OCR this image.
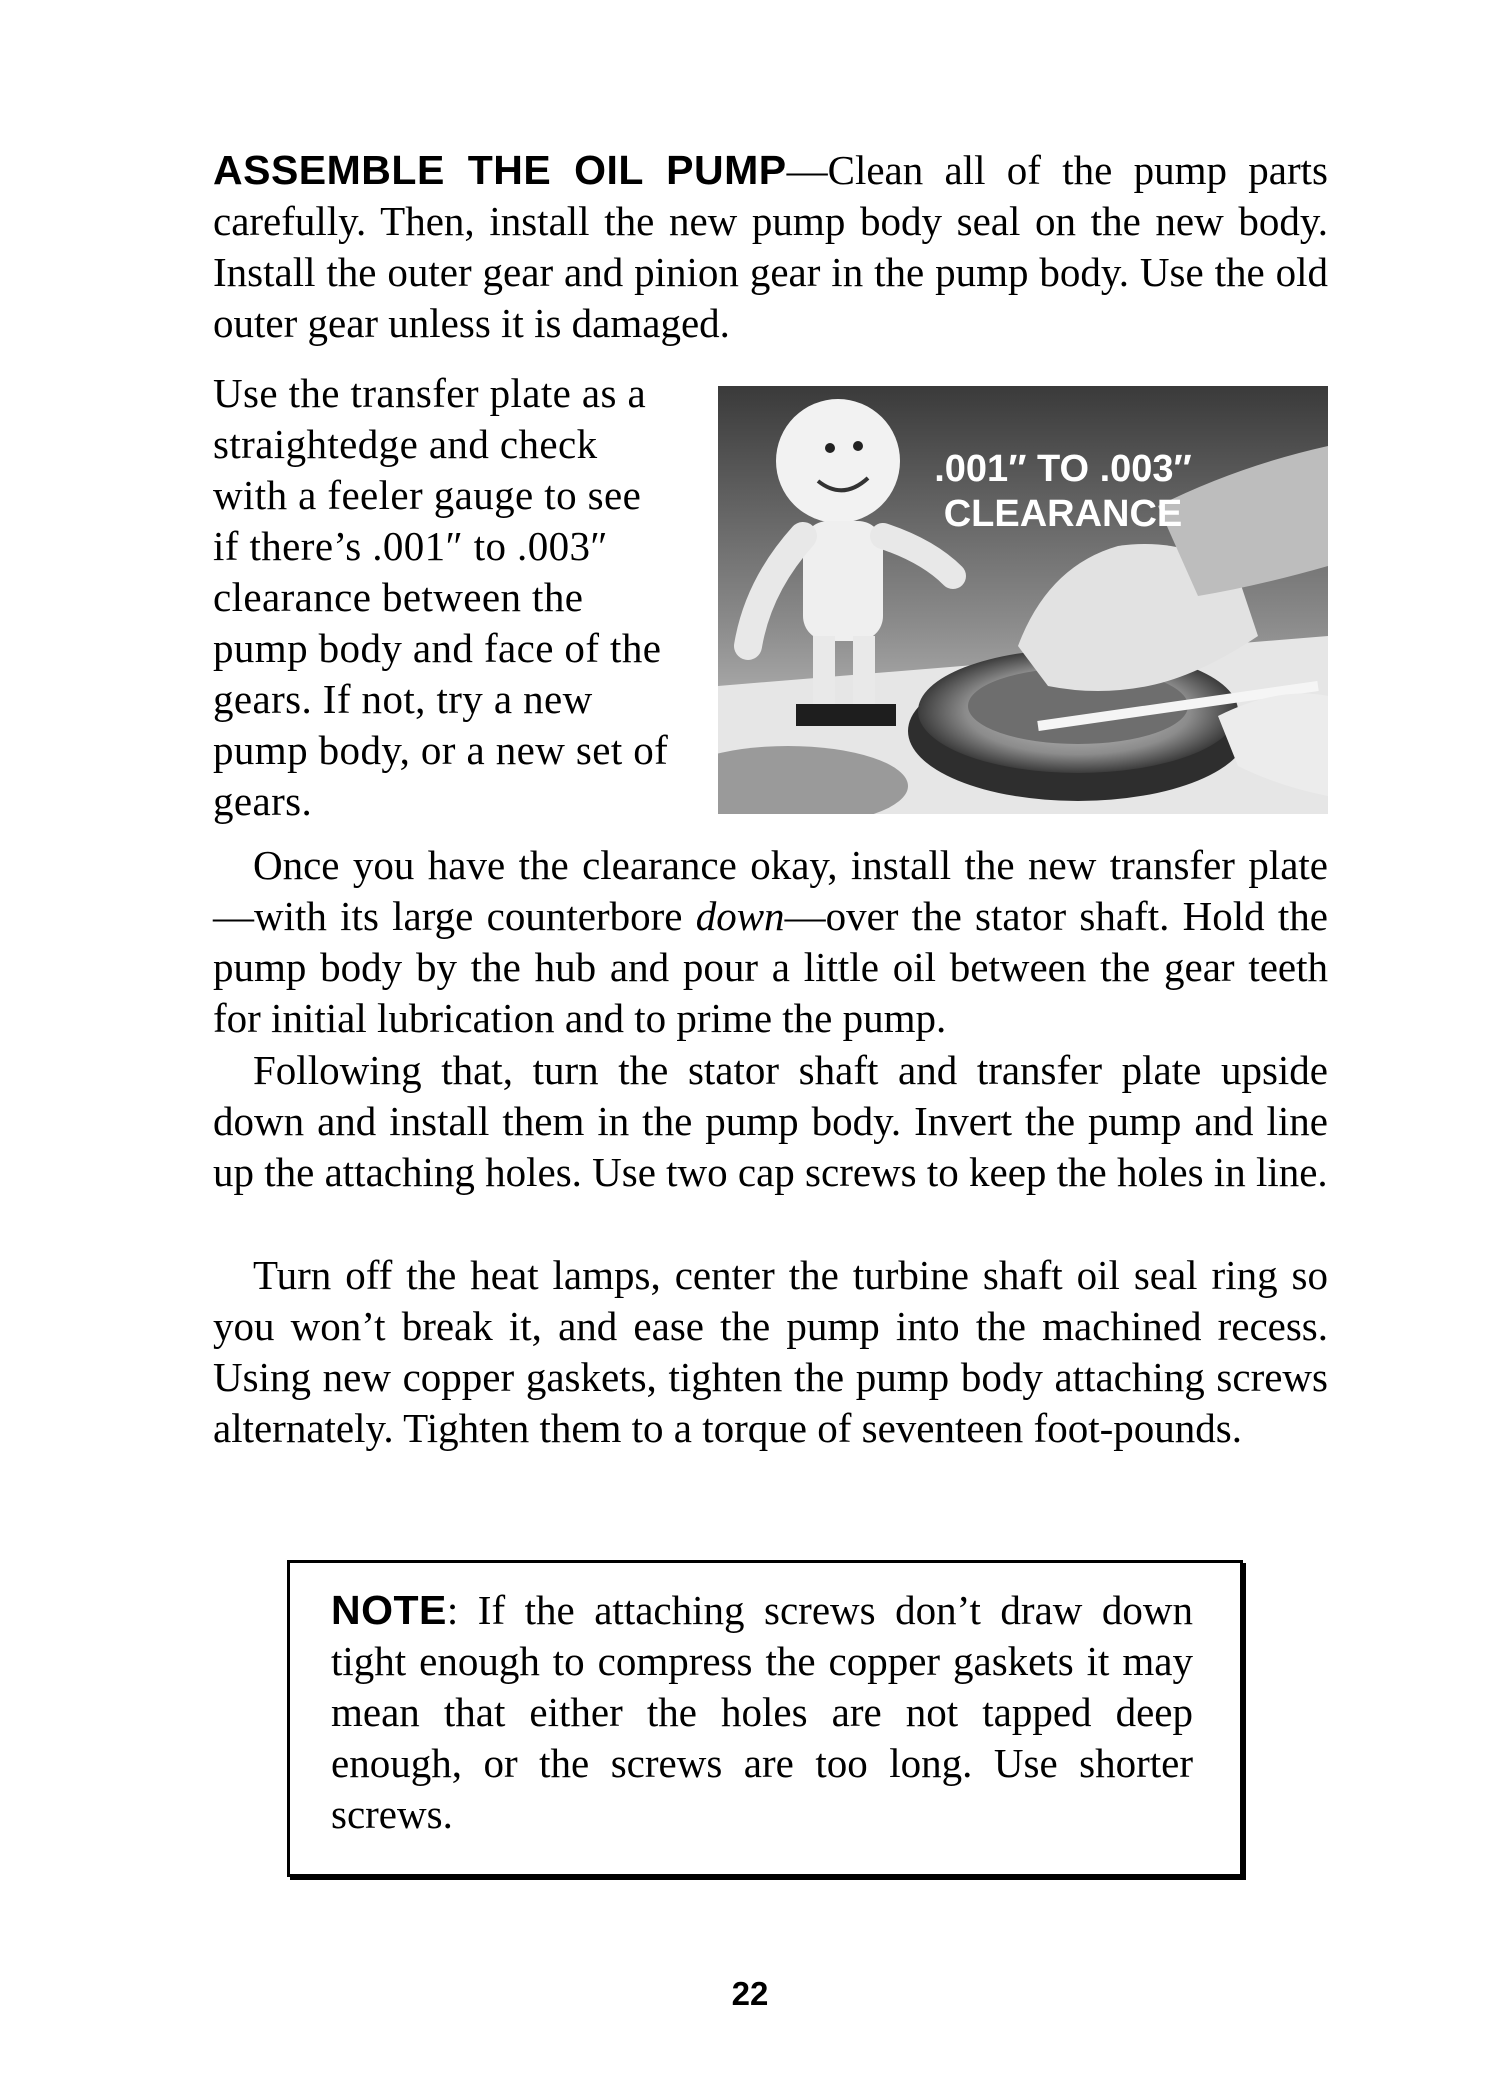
ASSEMBLE THE OIL PUMP—Clean all of the pump parts carefully. Then, install the new pump body seal on the new body. Install the outer gear and pinion gear in the pump body. Use the old outer gear unless it is damaged.

Use the transfer plate as a straightedge and check with a feeler gauge to see if there’s .001″ to .003″ clearance between the pump body and face of the gears. If not, try a new pump body, or a new set of gears.

.001″ TO .003″
CLEARANCE

Once you have the clearance okay, install the new transfer plate—with its large counterbore down—over the stator shaft. Hold the pump body by the hub and pour a little oil between the gear teeth for initial lubrication and to prime the pump.

Following that, turn the stator shaft and transfer plate upside down and install them in the pump body. Invert the pump and line up the attaching holes. Use two cap screws to keep the holes in line.

Turn off the heat lamps, center the turbine shaft oil seal ring so you won’t break it, and ease the pump into the machined recess. Using new copper gaskets, tighten the pump body attaching screws alternately. Tighten them to a torque of seventeen foot-pounds.

NOTE: If the attaching screws don’t draw down tight enough to compress the copper gaskets it may mean that either the holes are not tapped deep enough, or the screws are too long. Use shorter screws.

22
